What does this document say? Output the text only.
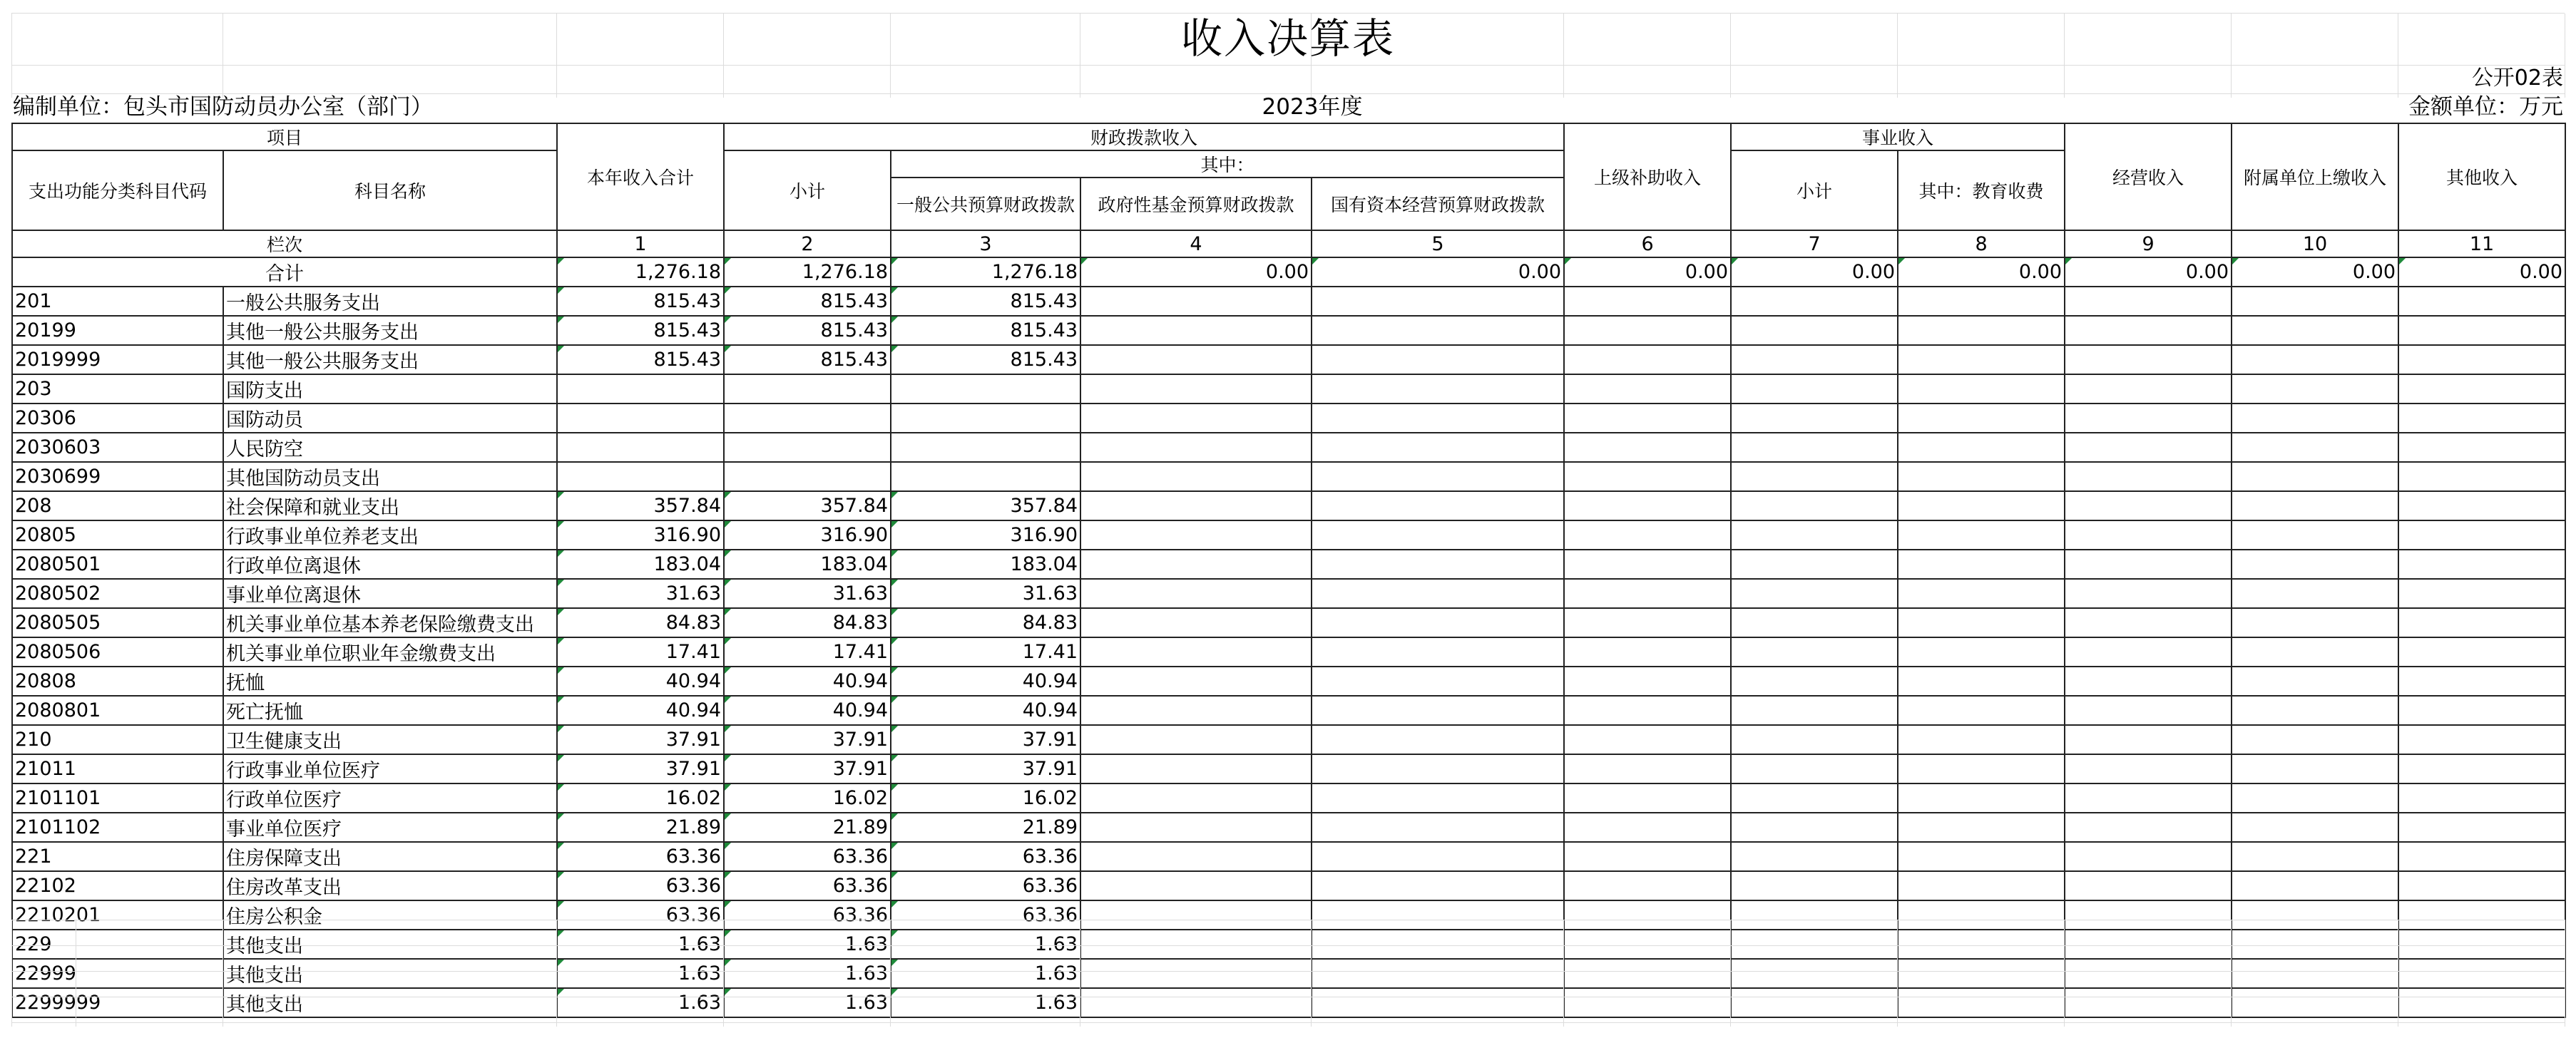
收入决算表
公开02表
编制单位：包头市国防动员办公室（部门）	2023年度	金额单位：万元
项目		本年收入合计	财政拨款收入				上级补助收入	事业收入		经营收入	附属单位上缴收入	其他收入
支出功能分类科目代码	科目名称		小计	其中：				小计	其中：教育收费			
				一般公共预算财政拨款	政府性基金预算财政拨款	国有资本经营预算财政拨款						
栏次		1	2	3	4	5	6	7	8	9	10	11
合计		1,276.18	1,276.18	1,276.18	0.00	0.00	0.00	0.00	0.00	0.00	0.00	0.00
201	一般公共服务支出	815.43	815.43	815.43								
20199	其他一般公共服务支出	815.43	815.43	815.43								
2019999	其他一般公共服务支出	815.43	815.43	815.43								
203	国防支出											
20306	国防动员											
2030603	人民防空											
2030699	其他国防动员支出											
208	社会保障和就业支出	357.84	357.84	357.84								
20805	行政事业单位养老支出	316.90	316.90	316.90								
2080501	行政单位离退休	183.04	183.04	183.04								
2080502	事业单位离退休	31.63	31.63	31.63								
2080505	机关事业单位基本养老保险缴费支出	84.83	84.83	84.83								
2080506	机关事业单位职业年金缴费支出	17.41	17.41	17.41								
20808	抚恤	40.94	40.94	40.94								
2080801	死亡抚恤	40.94	40.94	40.94								
210	卫生健康支出	37.91	37.91	37.91								
21011	行政事业单位医疗	37.91	37.91	37.91								
2101101	行政单位医疗	16.02	16.02	16.02								
2101102	事业单位医疗	21.89	21.89	21.89								
221	住房保障支出	63.36	63.36	63.36								
22102	住房改革支出	63.36	63.36	63.36								
2210201	住房公积金	63.36	63.36	63.36								
229	其他支出	1.63	1.63	1.63								
22999	其他支出	1.63	1.63	1.63								
2299999	其他支出	1.63	1.63	1.63								
